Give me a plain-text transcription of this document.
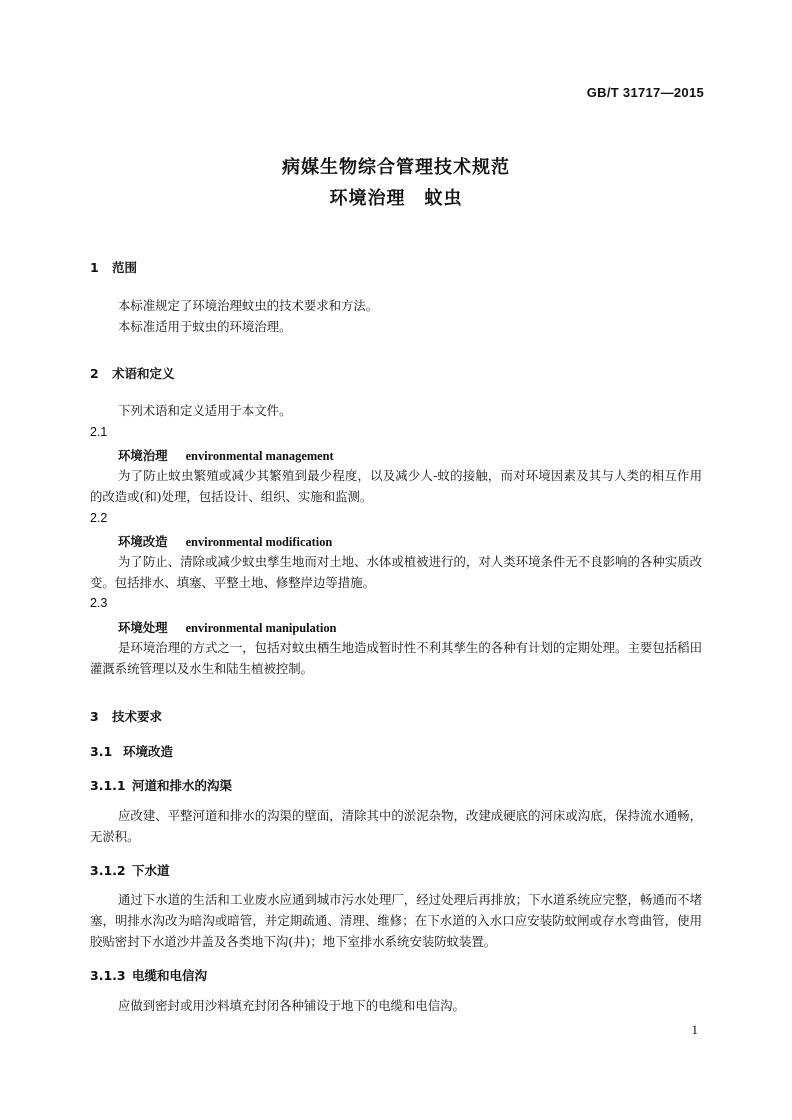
GB/T 31717—2015
病媒生物综合管理技术规范
环境治理　蚊虫
1 范围
本标准规定了环境治理蚊虫的技术要求和方法。
本标准适用于蚊虫的环境治理。
2 术语和定义
下列术语和定义适用于本文件。
2.1
环境治理 environmental management
为了防止蚊虫繁殖或减少其繁殖到最少程度，以及减少人-蚊的接触，而对环境因素及其与人类的相互作用的改造或(和)处理，包括设计、组织、实施和监测。
2.2
环境改造 environmental modification
为了防止、清除或减少蚊虫孳生地而对土地、水体或植被进行的，对人类环境条件无不良影响的各种实质改变。包括排水、填塞、平整土地、修整岸边等措施。
2.3
环境处理 environmental manipulation
是环境治理的方式之一，包括对蚊虫栖生地造成暂时性不利其孳生的各种有计划的定期处理。主要包括稻田灌溉系统管理以及水生和陆生植被控制。
3 技术要求
3.1 环境改造
3.1.1 河道和排水的沟渠
应改建、平整河道和排水的沟渠的壁面，清除其中的淤泥杂物，改建成硬底的河床或沟底，保持流水通畅，无淤积。
3.1.2 下水道
通过下水道的生活和工业废水应通到城市污水处理厂，经过处理后再排放；下水道系统应完整，畅通而不堵塞，明排水沟改为暗沟或暗管，并定期疏通、清理、维修；在下水道的入水口应安装防蚊闸或存水弯曲管，使用胶贴密封下水道沙井盖及各类地下沟(井)；地下室排水系统安装防蚊装置。
3.1.3 电缆和电信沟
应做到密封或用沙料填充封闭各种铺设于地下的电缆和电信沟。
1
